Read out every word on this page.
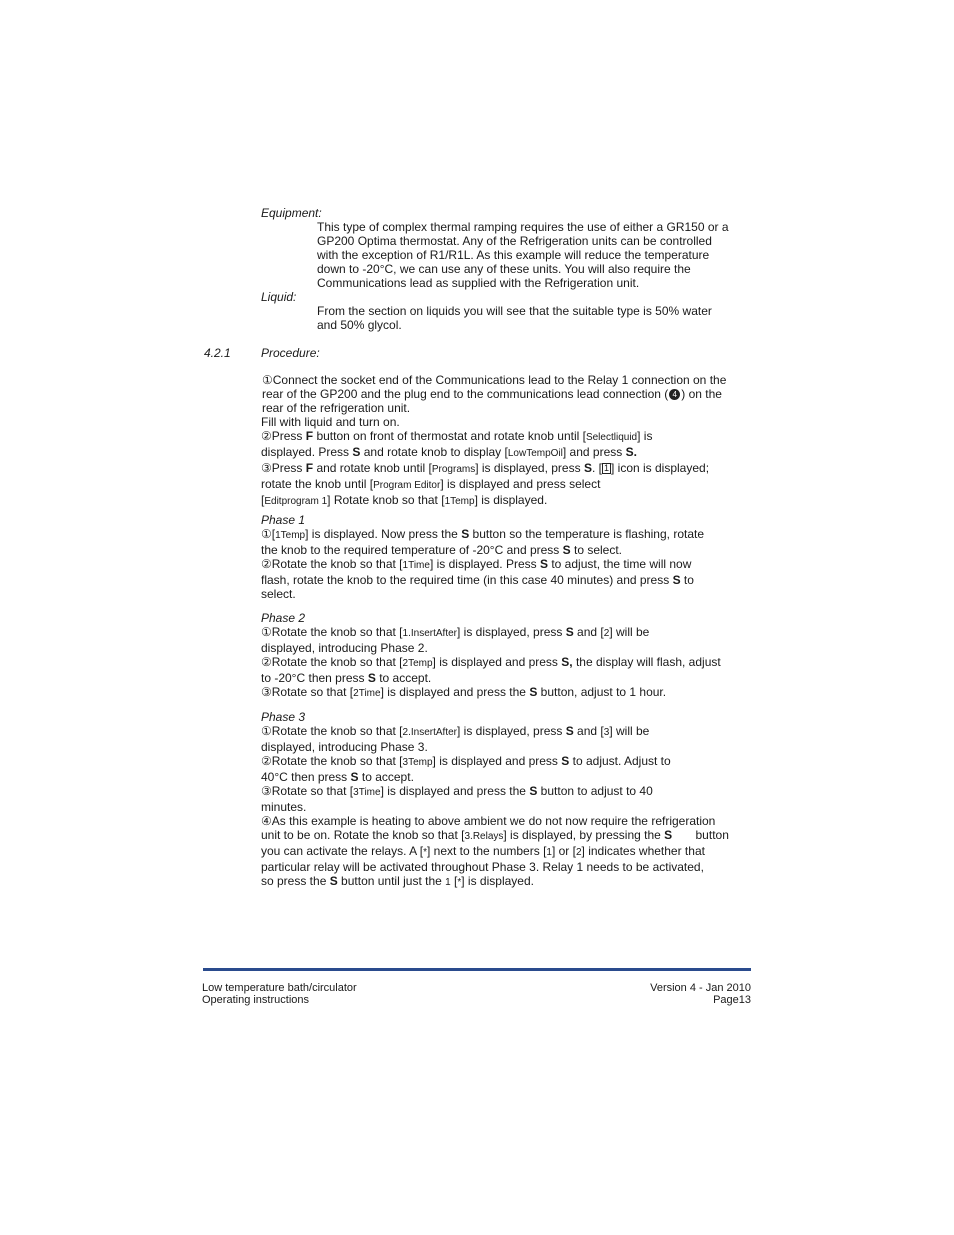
Equipment:
This type of complex thermal ramping requires the use of either a GR150 or a
GP200 Optima thermostat. Any of the Refrigeration units can be controlled
with the exception of R1/R1L. As this example will reduce the temperature
down to -20°C, we can use any of these units. You will also require the
Communications lead as supplied with the Refrigeration unit.
Liquid:
From the section on liquids you will see that the suitable type is 50% water
and 50% glycol.
4.2.1	Procedure:
①Connect the socket end of the Communications lead to the Relay 1 connection on the
rear of the GP200 and the plug end to the communications lead connection ( 4 ) on the
rear of the refrigeration unit.
Fill with liquid and turn on.
②Press F button on front of thermostat and rotate knob until [Selectliquid] is
displayed. Press S and rotate knob to display [LowTempOil] and press S.
③Press F and rotate knob until [Programs] is displayed, press S. [ 1 ] icon is displayed;
rotate the knob until [Program Editor] is displayed and press select
[Editprogram 1] Rotate knob so that [1Temp] is displayed.
Phase 1
①[1Temp] is displayed. Now press the S button so the temperature is flashing, rotate
the knob to the required temperature of -20°C and press S to select.
②Rotate the knob so that [1Time] is displayed. Press S to adjust, the time will now
flash, rotate the knob to the required time (in this case 40 minutes) and press S to
select.
Phase 2
①Rotate the knob so that [1.InsertAfter] is displayed, press S and [2] will be
displayed, introducing Phase 2.
②Rotate the knob so that [2Temp] is displayed and press S, the display will flash, adjust
to -20°C then press S to accept.
③Rotate so that [2Time] is displayed and press the S button, adjust to 1 hour.
Phase 3
①Rotate the knob so that [2.InsertAfter] is displayed, press S and [3] will be
displayed, introducing Phase 3.
②Rotate the knob so that [3Temp] is displayed and press S to adjust. Adjust to
40°C then press S to accept.
③Rotate so that [3Time] is displayed and press the S button to adjust to 40
minutes.
④As this example is heating to above ambient we do not now require the refrigeration
unit to be on. Rotate the knob so that [3.Relays] is displayed, by pressing the S       button
you can activate the relays. A [*] next to the numbers [1] or [2] indicates whether that
particular relay will be activated throughout Phase 3. Relay 1 needs to be activated,
so press the S button until just the 1 [*] is displayed.
Low temperature bath/circulator
Operating instructions
Version 4 - Jan 2010
Page13
